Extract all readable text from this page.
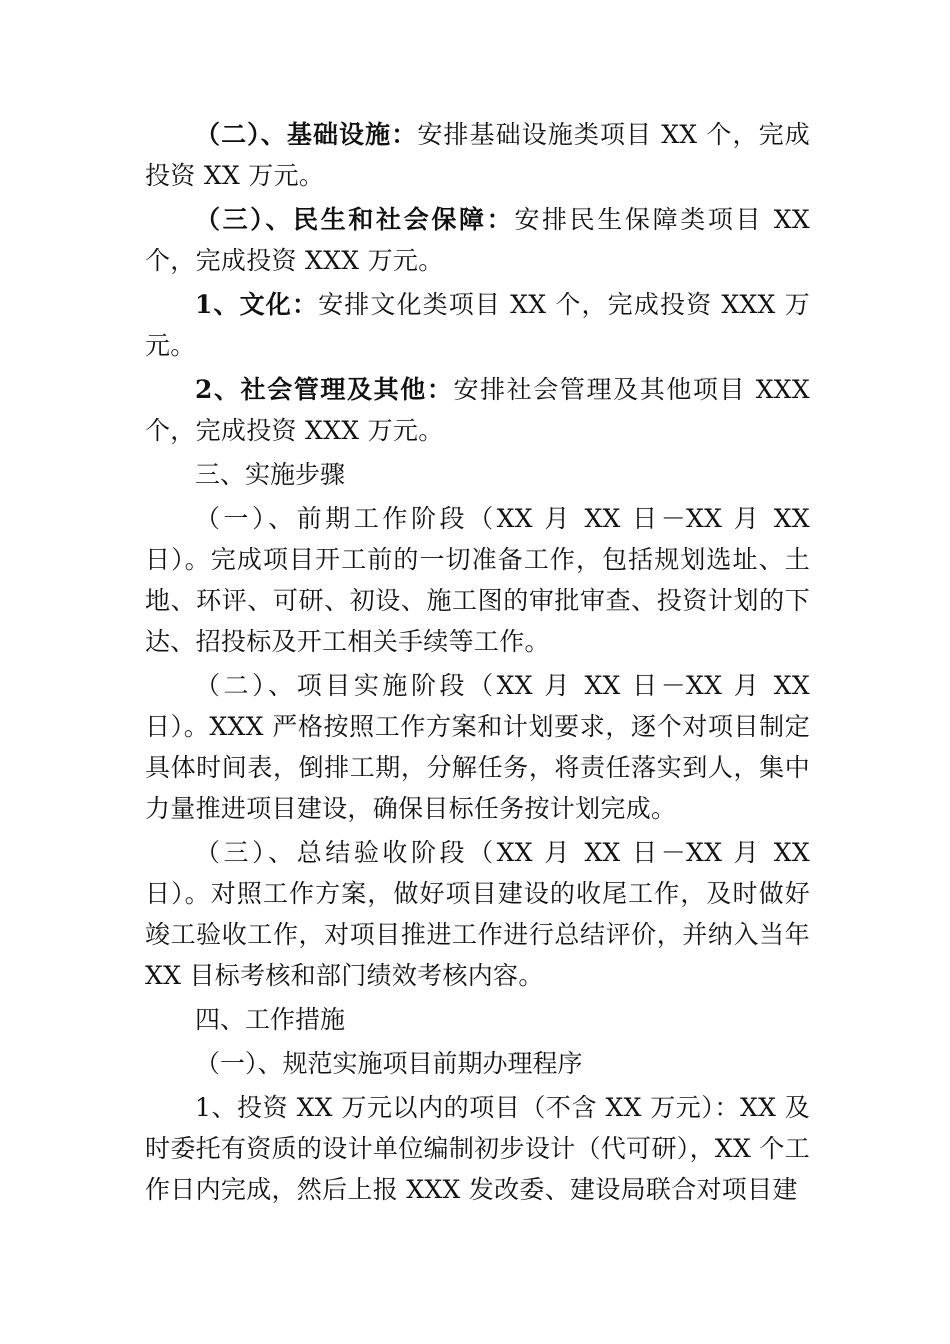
（二）、基础设施：安排基础设施类项目 XX 个，完成投资 XX 万元。

（三）、民生和社会保障：安排民生保障类项目 XX 个，完成投资 XXX 万元。

1、文化：安排文化类项目 XX 个，完成投资 XXX 万元。

2、社会管理及其他：安排社会管理及其他项目 XXX 个，完成投资 XXX 万元。

三、实施步骤

（一）、前期工作阶段（XX 月 XX 日－XX 月 XX 日）。完成项目开工前的一切准备工作，包括规划选址、土地、环评、可研、初设、施工图的审批审查、投资计划的下达、招投标及开工相关手续等工作。

（二）、项目实施阶段（XX 月 XX 日－XX 月 XX 日）。XXX 严格按照工作方案和计划要求，逐个对项目制定具体时间表，倒排工期，分解任务，将责任落实到人，集中力量推进项目建设，确保目标任务按计划完成。

（三）、总结验收阶段（XX 月 XX 日－XX 月 XX 日）。对照工作方案，做好项目建设的收尾工作，及时做好竣工验收工作，对项目推进工作进行总结评价，并纳入当年 XX 目标考核和部门绩效考核内容。

四、工作措施

（一）、规范实施项目前期办理程序

1、投资 XX 万元以内的项目（不含 XX 万元）：XX 及时委托有资质的设计单位编制初步设计（代可研），XX 个工作日内完成，然后上报 XXX 发改委、建设局联合对项目建
